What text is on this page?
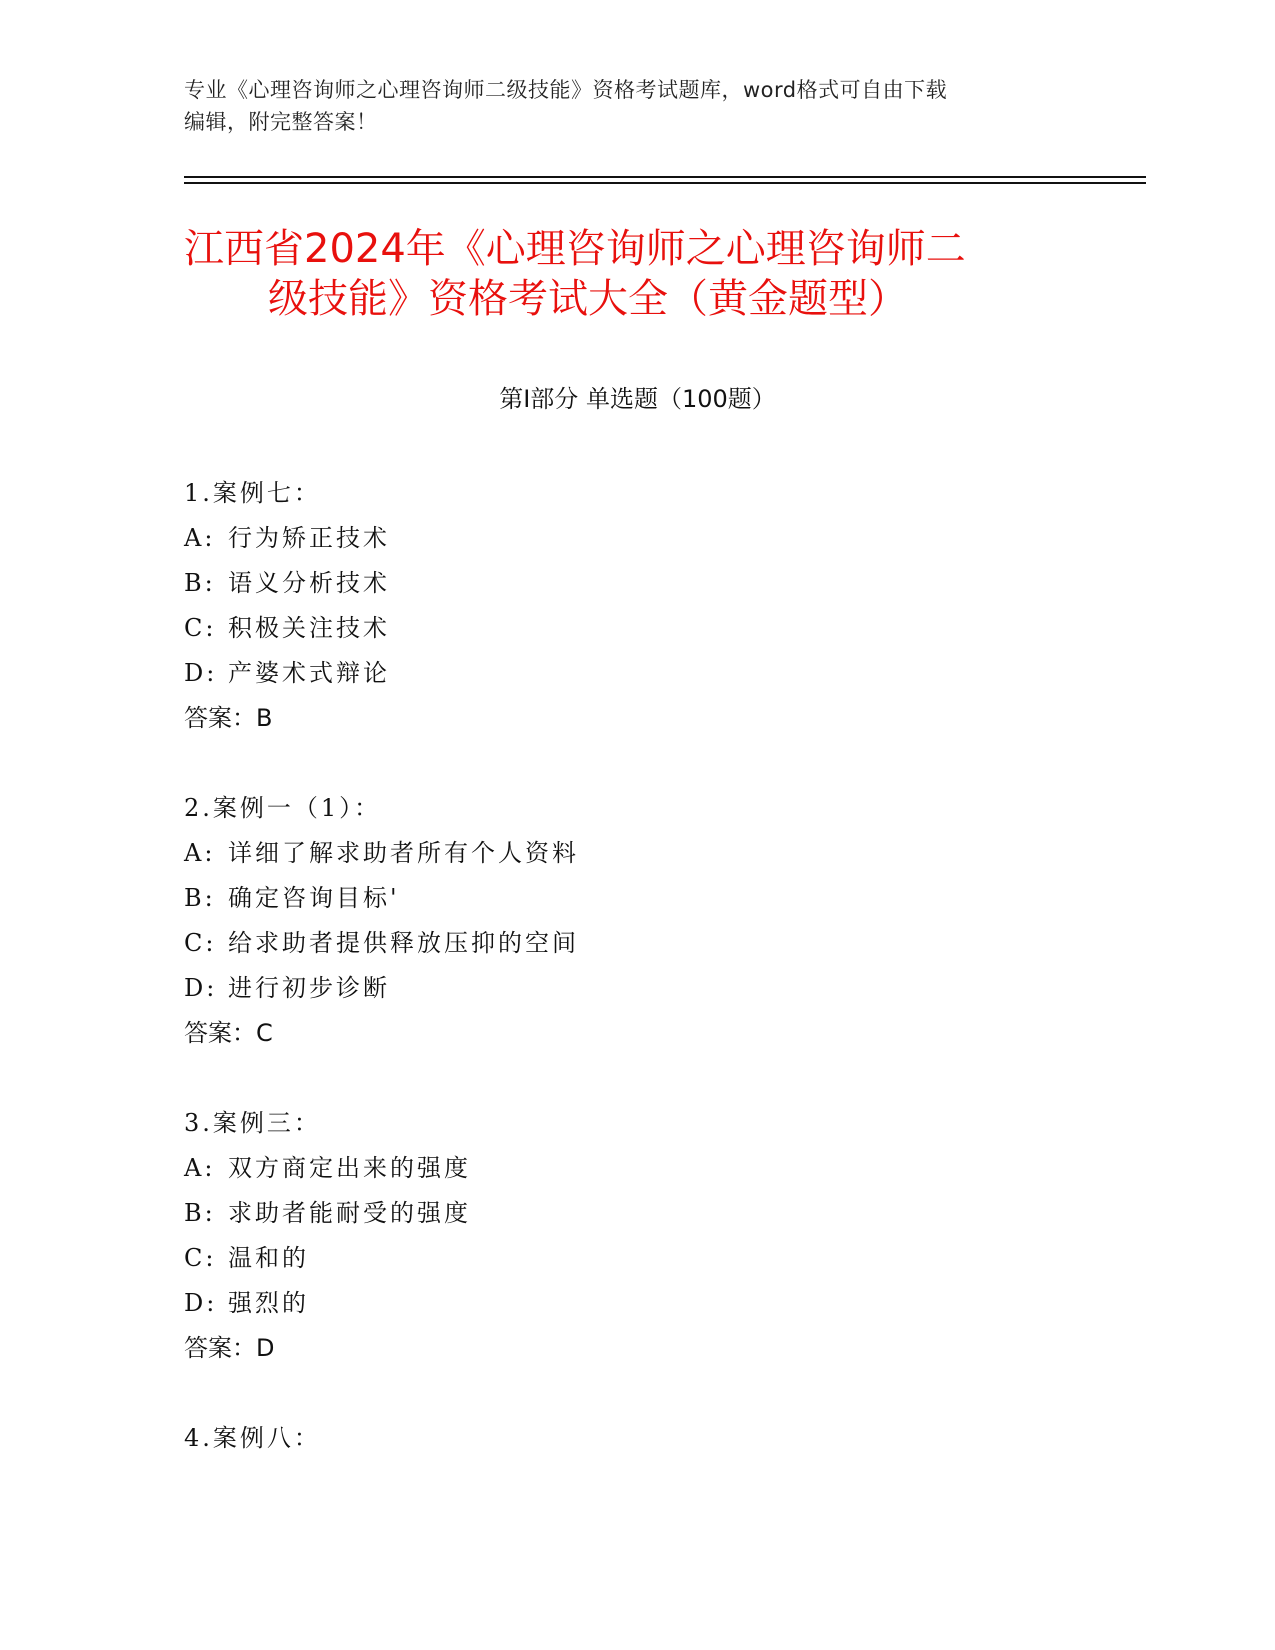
专业《心理咨询师之心理咨询师二级技能》资格考试题库，word格式可自由下载
编辑，附完整答案！
江西省2024年《心理咨询师之心理咨询师二
级技能》资格考试大全（黄金题型）
第Ⅰ部分 单选题（100题）
1.案例七：
A: 行为矫正技术
B: 语义分析技术
C: 积极关注技术
D: 产婆术式辩论
答案：B
2.案例一（1）：
A: 详细了解求助者所有个人资料
B: 确定咨询目标'
C: 给求助者提供释放压抑的空间
D: 进行初步诊断
答案：C
3.案例三：
A: 双方商定出来的强度
B: 求助者能耐受的强度
C: 温和的
D: 强烈的
答案：D
4.案例八：
